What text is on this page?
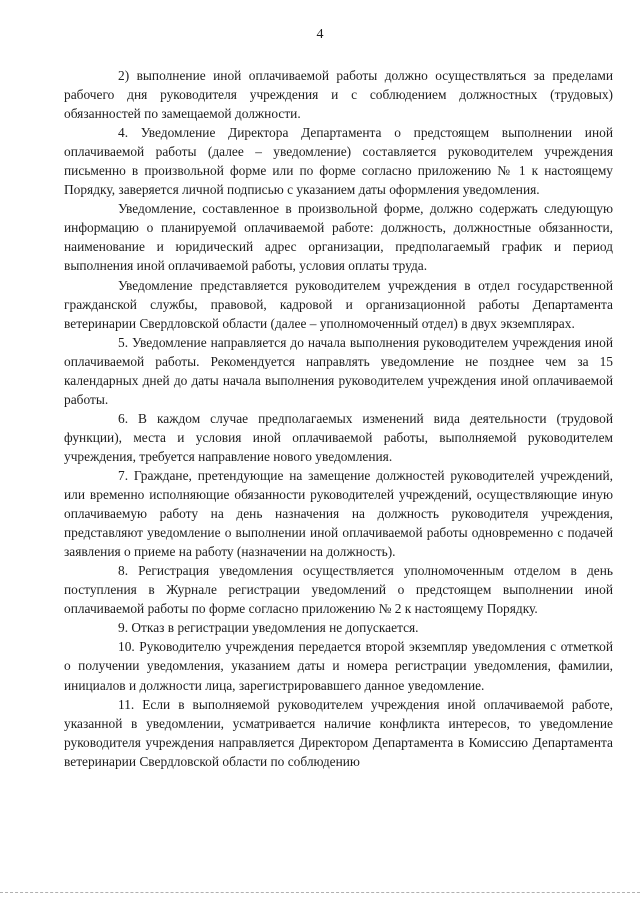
4

2) выполнение иной оплачиваемой работы должно осуществляться за пределами рабочего дня руководителя учреждения и с соблюдением должностных (трудовых) обязанностей по замещаемой должности.

4. Уведомление Директора Департамента о предстоящем выполнении иной оплачиваемой работы (далее – уведомление) составляется руководителем учреждения письменно в произвольной форме или по форме согласно приложению № 1 к настоящему Порядку, заверяется личной подписью с указанием даты оформления уведомления.

Уведомление, составленное в произвольной форме, должно содержать следующую информацию о планируемой оплачиваемой работе: должность, должностные обязанности, наименование и юридический адрес организации, предполагаемый график и период выполнения иной оплачиваемой работы, условия оплаты труда.

Уведомление представляется руководителем учреждения в отдел государственной гражданской службы, правовой, кадровой и организационной работы Департамента ветеринарии Свердловской области (далее – уполномоченный отдел) в двух экземплярах.

5. Уведомление направляется до начала выполнения руководителем учреждения иной оплачиваемой работы. Рекомендуется направлять уведомление не позднее чем за 15 календарных дней до даты начала выполнения руководителем учреждения иной оплачиваемой работы.

6. В каждом случае предполагаемых изменений вида деятельности (трудовой функции), места и условия иной оплачиваемой работы, выполняемой руководителем учреждения, требуется направление нового уведомления.

7. Граждане, претендующие на замещение должностей руководителей учреждений, или временно исполняющие обязанности руководителей учреждений, осуществляющие иную оплачиваемую работу на день назначения на должность руководителя учреждения, представляют уведомление о выполнении иной оплачиваемой работы одновременно с подачей заявления о приеме на работу (назначении на должность).

8. Регистрация уведомления осуществляется уполномоченным отделом в день поступления в Журнале регистрации уведомлений о предстоящем выполнении иной оплачиваемой работы по форме согласно приложению № 2 к настоящему Порядку.

9. Отказ в регистрации уведомления не допускается.

10. Руководителю учреждения передается второй экземпляр уведомления с отметкой о получении уведомления, указанием даты и номера регистрации уведомления, фамилии, инициалов и должности лица, зарегистрировавшего данное уведомление.

11. Если в выполняемой руководителем учреждения иной оплачиваемой работе, указанной в уведомлении, усматривается наличие конфликта интересов, то уведомление руководителя учреждения направляется Директором Департамента в Комиссию Департамента ветеринарии Свердловской области по соблюдению
